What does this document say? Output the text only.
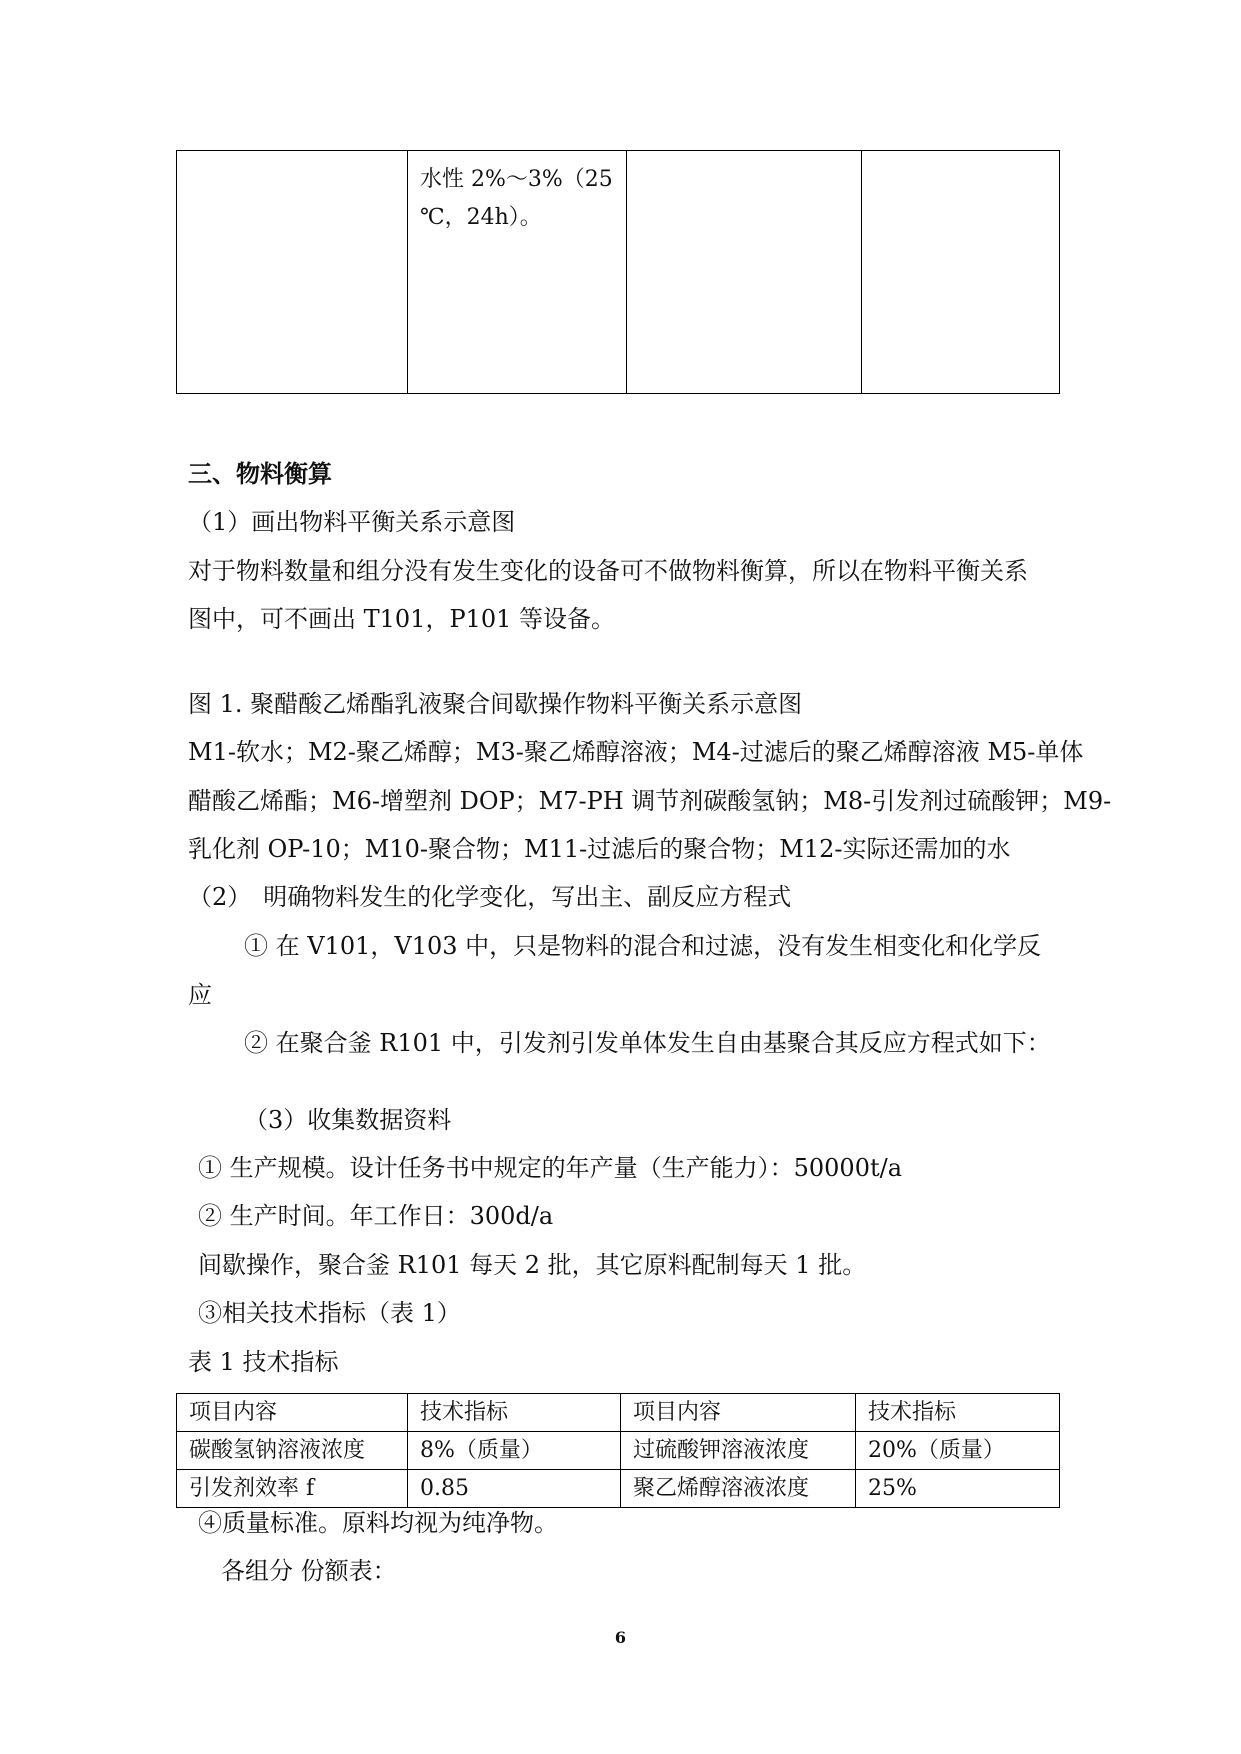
水性 2%～3%（25
℃，24h）。

三、物料衡算
（1）画出物料平衡关系示意图
对于物料数量和组分没有发生变化的设备可不做物料衡算，所以在物料平衡关系
图中，可不画出 T101，P101 等设备。
图 1. 聚醋酸乙烯酯乳液聚合间歇操作物料平衡关系示意图
M1-软水；M2-聚乙烯醇；M3-聚乙烯醇溶液；M4-过滤后的聚乙烯醇溶液 M5-单体
醋酸乙烯酯；M6-增塑剂 DOP；M7-PH 调节剂碳酸氢钠；M8-引发剂过硫酸钾；M9-
乳化剂 OP-10；M10-聚合物；M11-过滤后的聚合物；M12-实际还需加的水
（2）　明确物料发生的化学变化，写出主、副反应方程式
① 在 V101，V103 中，只是物料的混合和过滤，没有发生相变化和化学反
应
② 在聚合釜 R101 中，引发剂引发单体发生自由基聚合其反应方程式如下：
（3）收集数据资料
① 生产规模。设计任务书中规定的年产量（生产能力）：50000t/a
② 生产时间。年工作日：300d/a
间歇操作，聚合釜 R101 每天 2 批，其它原料配制每天 1 批。
③相关技术指标（表 1）
表 1 技术指标
项目内容	技术指标	项目内容	技术指标
碳酸氢钠溶液浓度	8%（质量）	过硫酸钾溶液浓度	20%（质量）
引发剂效率 f	0.85	聚乙烯醇溶液浓度	25%
④质量标准。原料均视为纯净物。
各组分 份额表：
6
